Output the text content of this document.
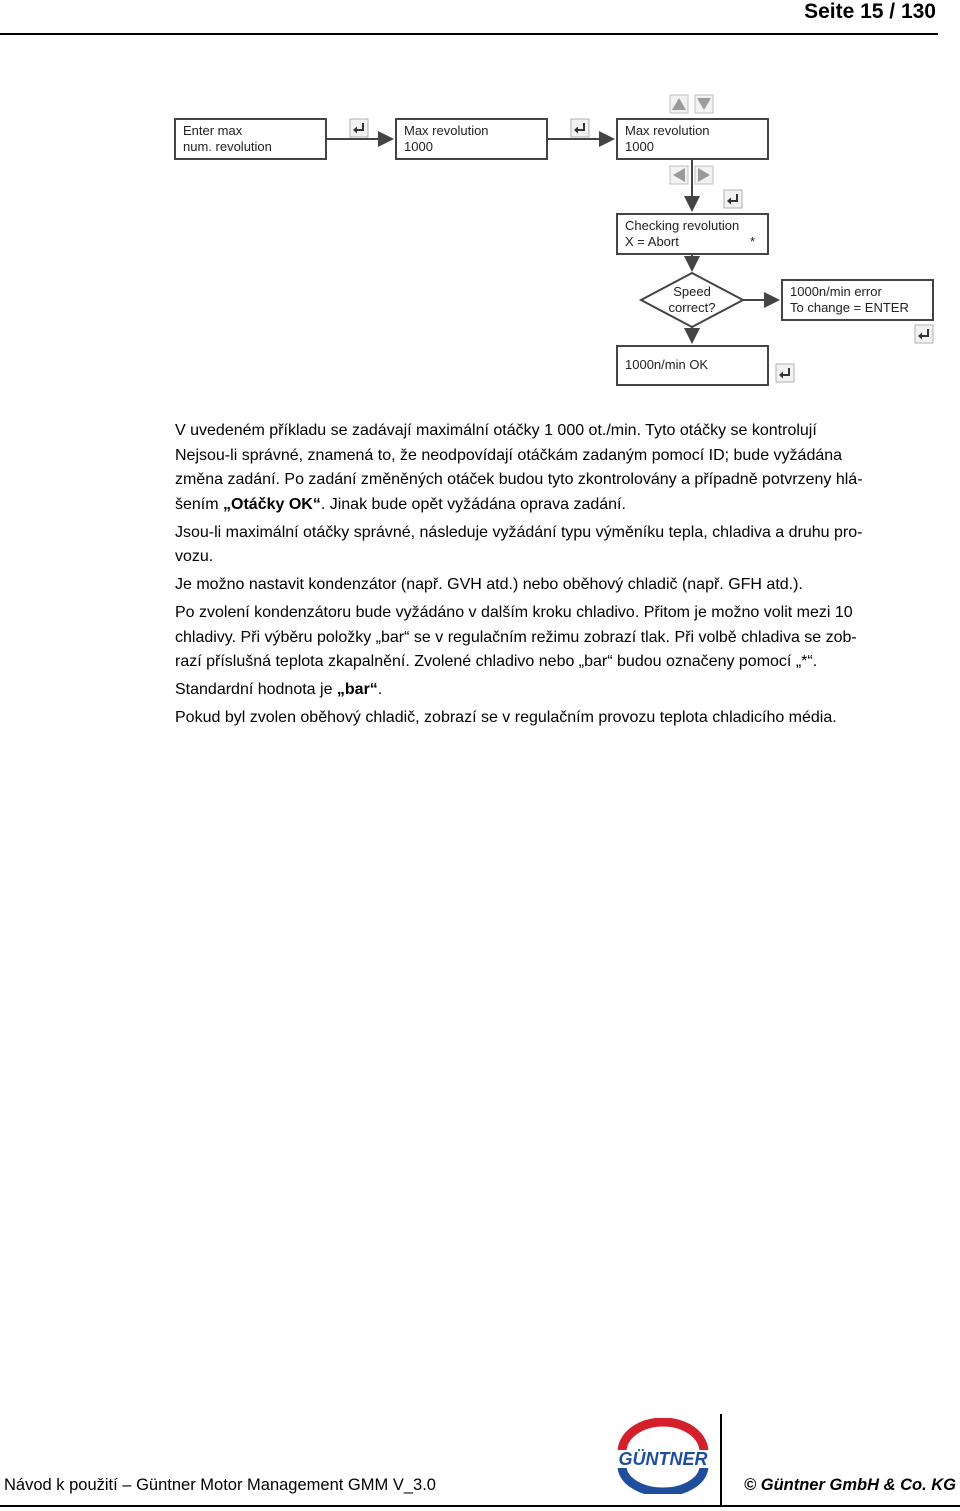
Seite 15 / 130
Enter max
num. revolution
Max revolution
1000
Max revolution
1000
Checking revolution
X = Abort	*
Speed
correct?
1000n/min error
To change = ENTER
1000n/min OK

V uvedeném příkladu se zadávají maximální otáčky 1 000 ot./min. Tyto otáčky se kontrolují
Nejsou-li správné, znamená to, že neodpovídají otáčkám zadaným pomocí ID; bude vyžádána
změna zadání. Po zadání změněných otáček budou tyto zkontrolovány a případně potvrzeny hlá-
šením „Otáčky OK“. Jinak bude opět vyžádána oprava zadání.

Jsou-li maximální otáčky správné, následuje vyžádání typu výměníku tepla, chladiva a druhu pro-
vozu.

Je možno nastavit kondenzátor (např. GVH atd.) nebo oběhový chladič (např. GFH atd.).

Po zvolení kondenzátoru bude vyžádáno v dalším kroku chladivo. Přitom je možno volit mezi 10
chladivy. Při výběru položky „bar“ se v regulačním režimu zobrazí tlak. Při volbě chladiva se zob-
razí příslušná teplota zkapalnění. Zvolené chladivo nebo „bar“ budou označeny pomocí „*“.

Standardní hodnota je „bar“.

Pokud byl zvolen oběhový chladič, zobrazí se v regulačním provozu teplota chladicího média.

GÜNTNER
Návod k použití – Güntner Motor Management GMM V_3.0	© Güntner GmbH & Co. KG
